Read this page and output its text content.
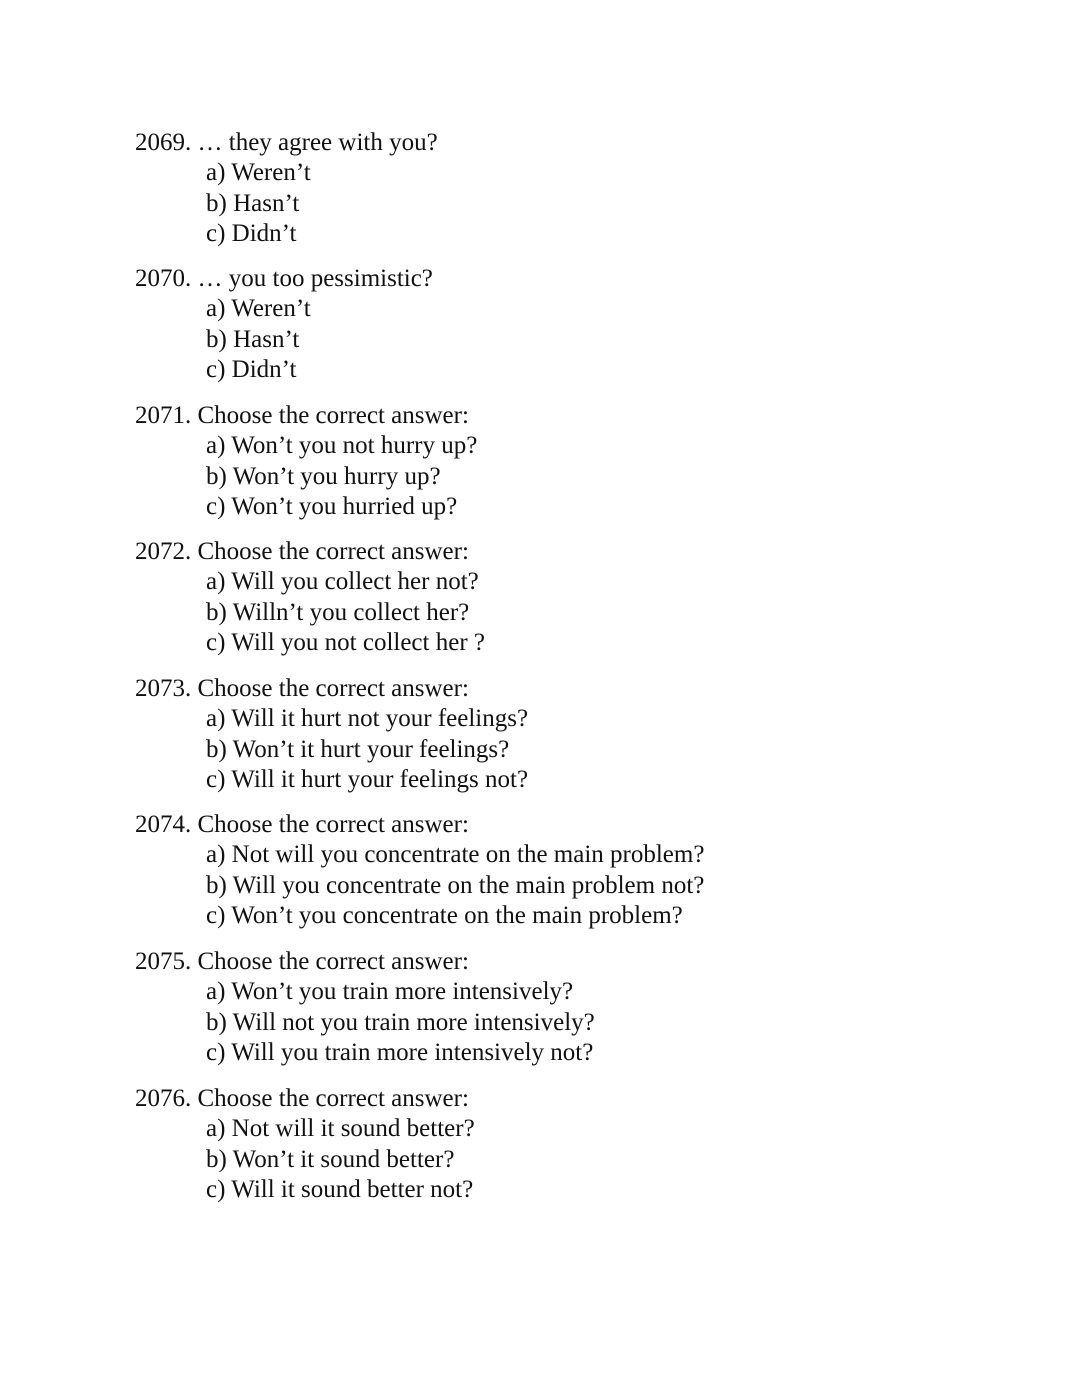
2069.
… they agree with you?
a) Weren’t
b) Hasn’t
c) Didn’t
2070.
… you too pessimistic?
a) Weren’t
b) Hasn’t
c) Didn’t
2071.
Choose the correct answer:
a) Won’t you not hurry up?
b) Won’t you hurry up?
c) Won’t you hurried up?
2072.
Choose the correct answer:
a) Will you collect her not?
b) Willn’t you collect her?
c) Will you not collect her ?
2073.
Choose the correct answer:
a) Will it hurt not your feelings?
b) Won’t it hurt your feelings?
c) Will it hurt your feelings not?
2074.
Choose the correct answer:
a) Not will you concentrate on the main problem?
b) Will you concentrate on the main problem not?
c) Won’t you concentrate on the main problem?
2075.
Choose the correct answer:
a) Won’t you train more intensively?
b) Will not you train more intensively?
c) Will you train more intensively not?
2076.
Choose the correct answer:
a) Not will it sound better?
b) Won’t it sound better?
c) Will it sound better not?
